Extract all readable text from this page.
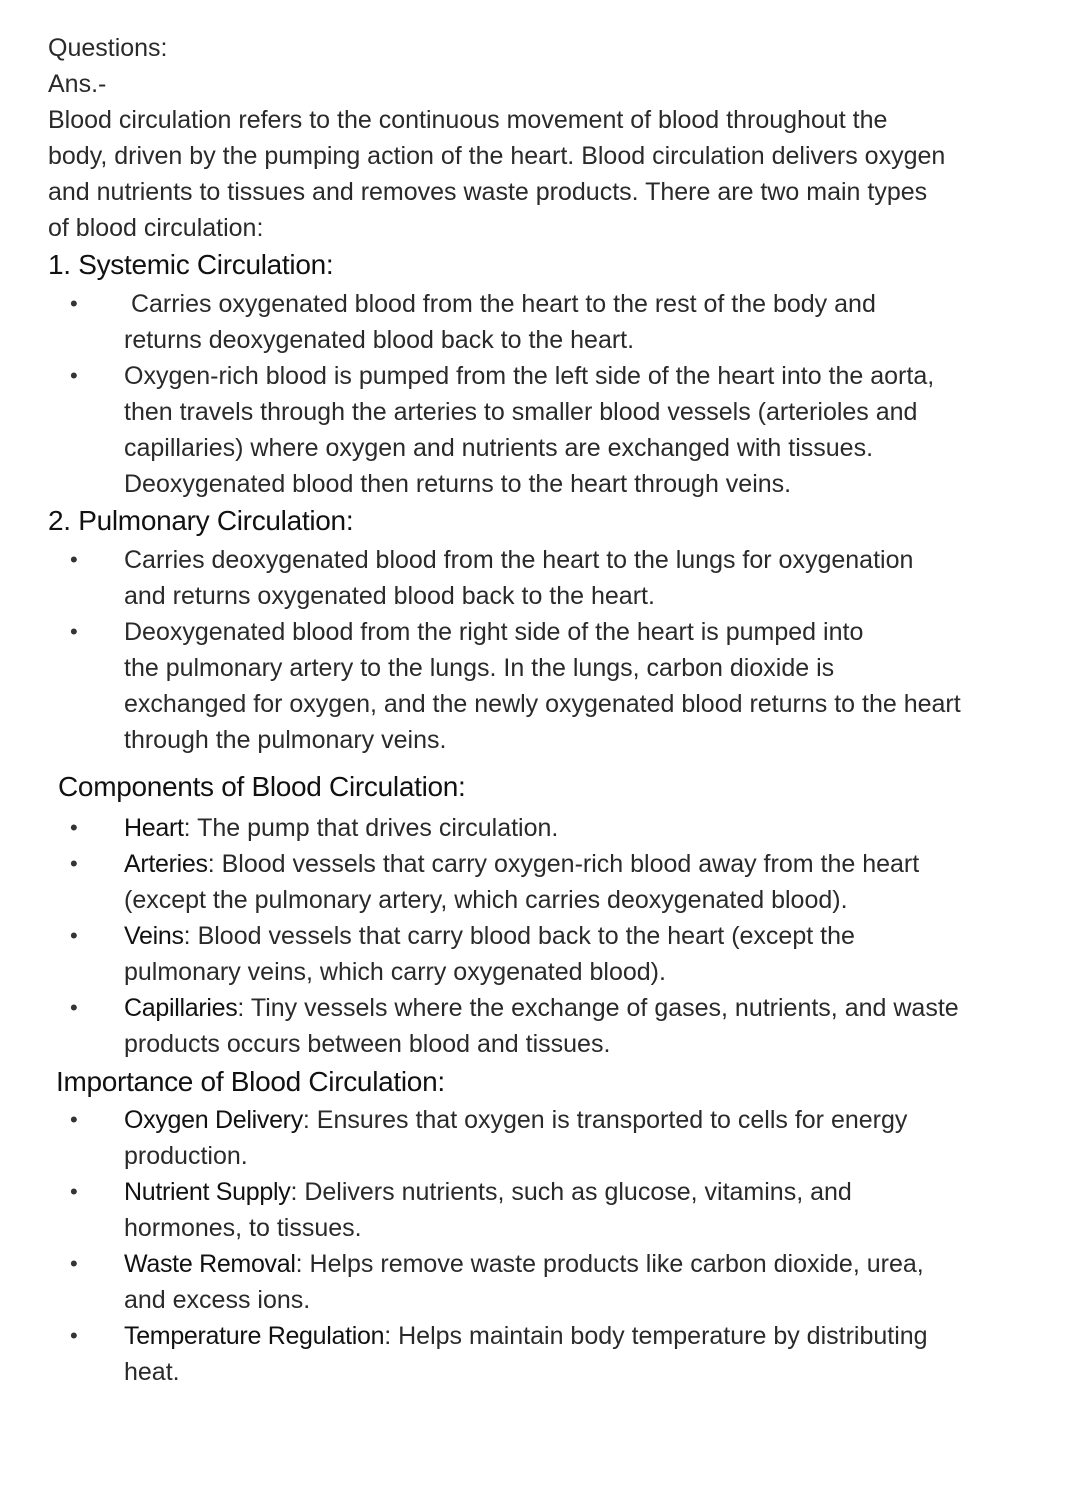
Questions:

Ans.-

Blood circulation refers to the continuous movement of blood throughout the

body, driven by the pumping action of the heart. Blood circulation delivers oxygen

and nutrients to tissues and removes waste products. There are two main types

of blood circulation:

1. Systemic Circulation:

• Carries oxygenated blood from the heart to the rest of the body and

returns deoxygenated blood back to the heart.

• Oxygen-rich blood is pumped from the left side of the heart into the aorta,

then travels through the arteries to smaller blood vessels (arterioles and

capillaries) where oxygen and nutrients are exchanged with tissues.

Deoxygenated blood then returns to the heart through veins.

2. Pulmonary Circulation:

• Carries deoxygenated blood from the heart to the lungs for oxygenation

and returns oxygenated blood back to the heart.

• Deoxygenated blood from the right side of the heart is pumped into

the pulmonary artery to the lungs. In the lungs, carbon dioxide is

exchanged for oxygen, and the newly oxygenated blood returns to the heart

through the pulmonary veins.

Components of Blood Circulation:

• Heart: The pump that drives circulation.

• Arteries: Blood vessels that carry oxygen-rich blood away from the heart

(except the pulmonary artery, which carries deoxygenated blood).

• Veins: Blood vessels that carry blood back to the heart (except the

pulmonary veins, which carry oxygenated blood).

• Capillaries: Tiny vessels where the exchange of gases, nutrients, and waste

products occurs between blood and tissues.

Importance of Blood Circulation:

• Oxygen Delivery: Ensures that oxygen is transported to cells for energy

production.

• Nutrient Supply: Delivers nutrients, such as glucose, vitamins, and

hormones, to tissues.

• Waste Removal: Helps remove waste products like carbon dioxide, urea,

and excess ions.

• Temperature Regulation: Helps maintain body temperature by distributing

heat.
